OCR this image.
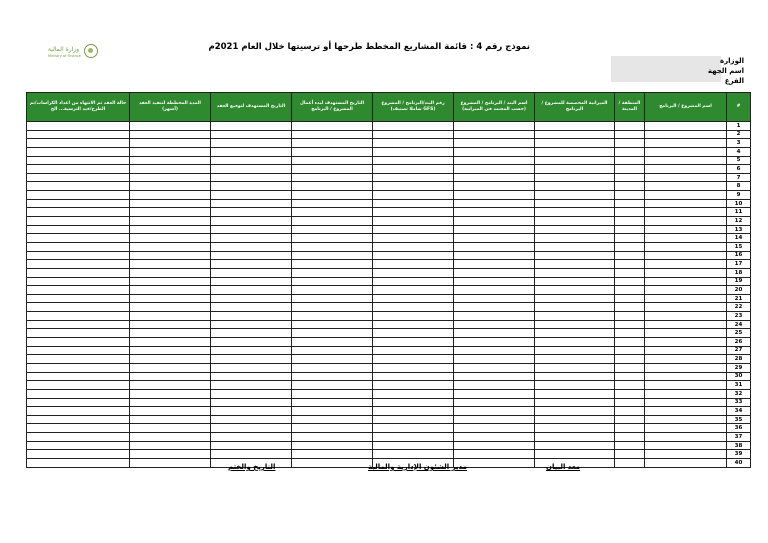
وزارة المالية
Ministry of Finance
نموذج رقم 4 : قائمة المشاريع المخطط طرحها أو ترسيتها خلال العام 2021م
الوزارة
اسم الجهة
الفرع
#	اسم المشروع / البرنامج	المنطقة / المدينة	الميزانية المخصصة للمشروع / البرنامج	اسم البند / البرنامج / المشروع (حسب المعتمد في الميزانية)	رقم البند/البرنامج / المشروع (GFS شاملا تصنيف)	التاريخ المستهدف لبدء أعمال المشروع / البرنامج	التاريخ المستهدف لتوقيع العقد	المدة المخططة لتنفيذ العقد (أشهر)	حالة العقد تم الانتهاء من اعداد الكراسات/تم الطرح/قيد الترسية... الخ
1									
2									
3									
4									
5									
6									
7									
8									
9									
10									
11									
12									
13									
14									
15									
16									
17									
18									
19									
20									
21									
22									
23									
24									
25									
26									
27									
28									
29									
30									
31									
32									
33									
34									
35									
36									
37									
38									
39									
40									
معد البيان
مدير الشئون الإدارية والمالية
التاريخ والختم
